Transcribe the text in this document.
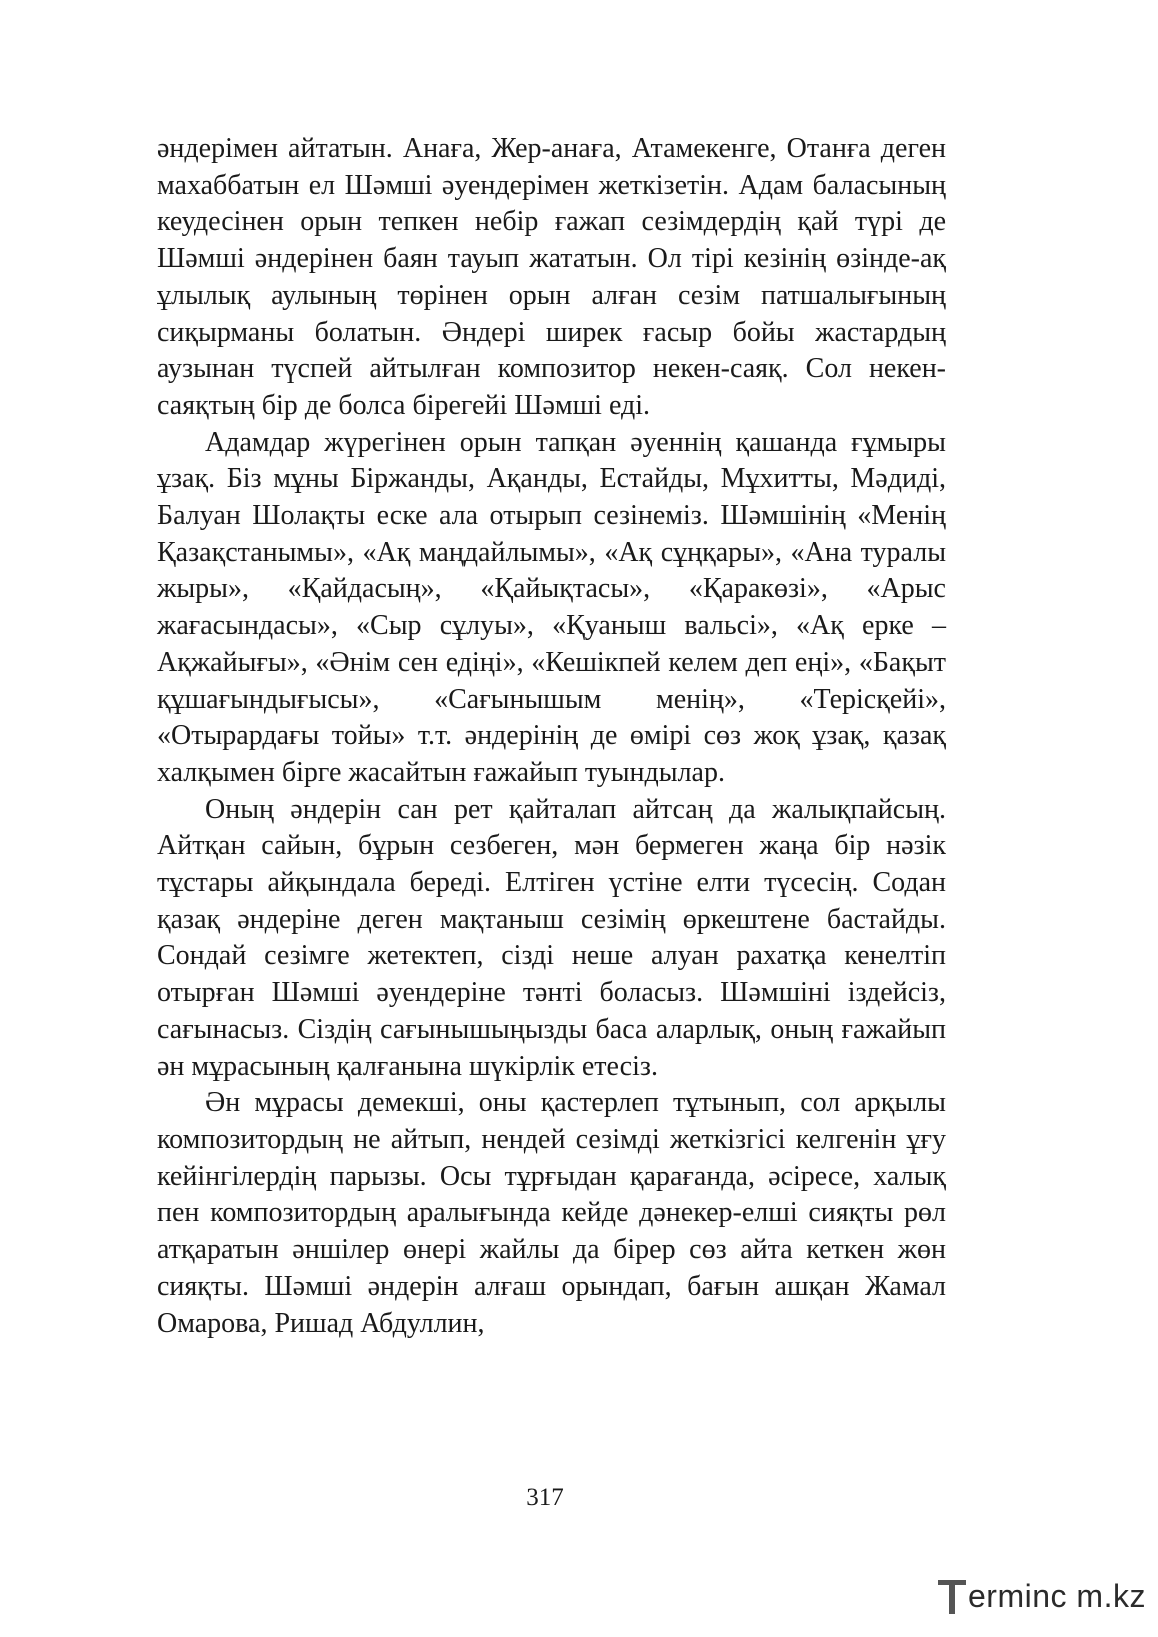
әндерімен айтатын. Анаға, Жер-анаға, Атамекенге, Отанға деген махаббатын ел Шәмші әуендерімен жеткізетін. Адам баласының кеудесінен орын тепкен небір ғажап сезімдердің қай түрі де Шәмші әндерінен баян тауып жататын. Ол тірі кезінің өзінде-ақ ұлылық аулының төрінен орын алған сезім патшалығының сиқырманы болатын. Әндері ширек ғасыр бойы жастардың аузынан түспей айтылған композитор некен-саяқ. Сол некен-саяқтың бір де болса бірегейі Шәмші еді.

Адамдар жүрегінен орын тапқан әуеннің қашанда ғұмыры ұзақ. Біз мұны Біржанды, Ақанды, Естайды, Мұхитты, Мәдиді, Балуан Шолақты еске ала отырып сезінеміз. Шәмшінің «Менің Қазақстанымы», «Ақ маңдайлымы», «Ақ сұңқары», «Ана туралы жыры», «Қайдасың», «Қайықтасы», «Қаракөзі», «Арыс жағасындасы», «Сыр сұлуы», «Қуаныш вальсі», «Ақ ерке – Ақжайығы», «Әнім сен едіңі», «Кешікпей келем деп еңі», «Бақыт құшағындығысы», «Сағынышым менің», «Терісқейі», «Отырардағы тойы» т.т. әндерінің де өмірі сөз жоқ ұзақ, қазақ халқымен бірге жасайтын ғажайып туындылар.

Оның әндерін сан рет қайталап айтсаң да жалықпайсың. Айтқан сайын, бұрын сезбеген, мән бермеген жаңа бір нәзік тұстары айқындала береді. Елтіген үстіне елти түсесің. Содан қазақ әндеріне деген мақтаныш сезімің өркештене бастайды. Сондай сезімге жетектеп, сізді неше алуан рахатқа кенелтіп отырған Шәмші әуендеріне тәнті боласыз. Шәмшіні іздейсіз, сағынасыз. Сіздің сағынышыңызды баса аларлық, оның ғажайып ән мұрасының қалғанына шүкірлік етесіз.

Ән мұрасы демекші, оны қастерлеп тұтынып, сол арқылы композитордың не айтып, нендей сезімді жеткізгісі келгенін ұғу кейінгілердің парызы. Осы тұрғыдан қарағанда, әсіресе, халық пен композитордың аралығында кейде дәнекер-елші сияқты рөл атқаратын әншілер өнері жайлы да бірер сөз айта кеткен жөн сияқты. Шәмші әндерін алғаш орындап, бағын ашқан Жамал Омарова, Ришад Абдуллин,

317
erminc m.kz
